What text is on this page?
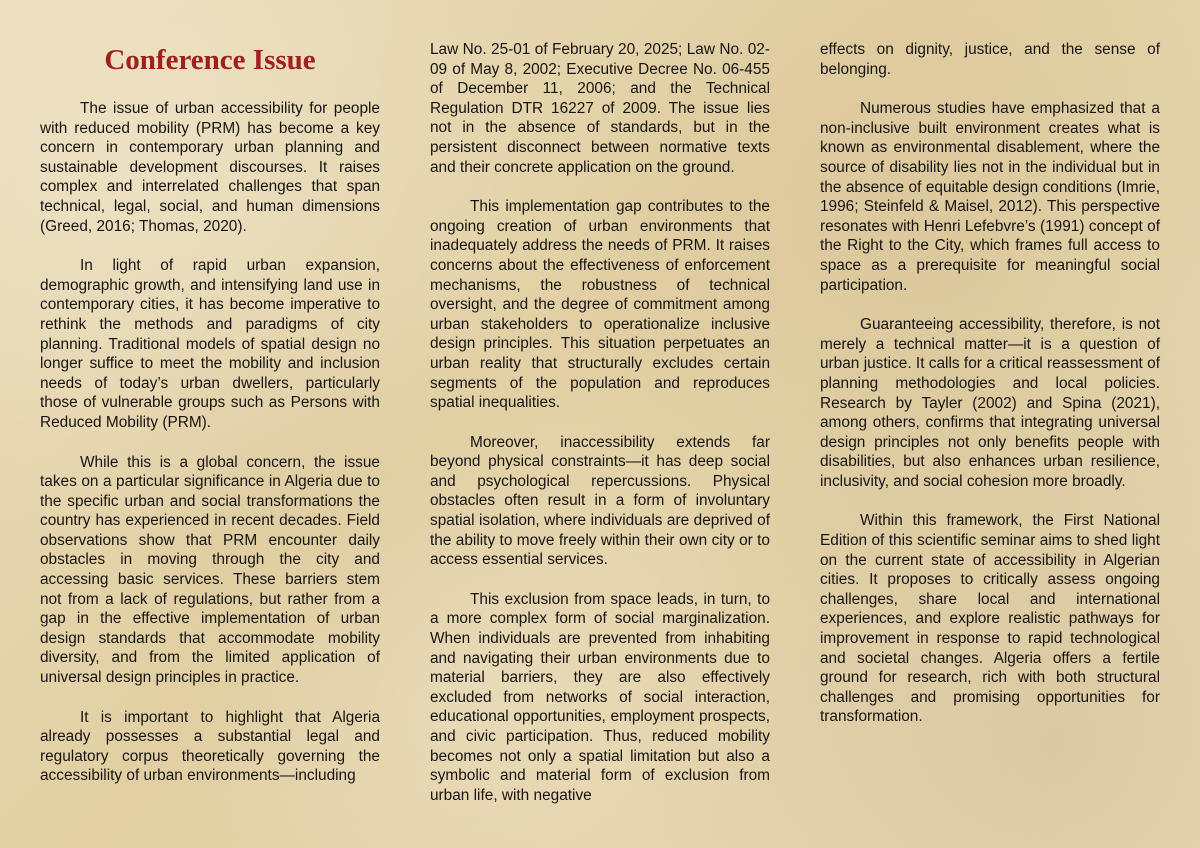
Conference Issue

The issue of urban accessibility for people with reduced mobility (PRM) has become a key concern in contemporary urban planning and sustainable development discourses. It raises complex and interrelated challenges that span technical, legal, social, and human dimensions (Greed, 2016; Thomas, 2020).

In light of rapid urban expansion, demographic growth, and intensifying land use in contemporary cities, it has become imperative to rethink the methods and paradigms of city planning. Traditional models of spatial design no longer suffice to meet the mobility and inclusion needs of today’s urban dwellers, particularly those of vulnerable groups such as Persons with Reduced Mobility (PRM).

While this is a global concern, the issue takes on a particular significance in Algeria due to the specific urban and social transformations the country has experienced in recent decades. Field observations show that PRM encounter daily obstacles in moving through the city and accessing basic services. These barriers stem not from a lack of regulations, but rather from a gap in the effective implementation of urban design standards that accommodate mobility diversity, and from the limited application of universal design principles in practice.

It is important to highlight that Algeria already possesses a substantial legal and regulatory corpus theoretically governing the accessibility of urban environments—including

Law No. 25-01 of February 20, 2025; Law No. 02-09 of May 8, 2002; Executive Decree No. 06-455 of December 11, 2006; and the Technical Regulation DTR 16227 of 2009. The issue lies not in the absence of standards, but in the persistent disconnect between normative texts and their concrete application on the ground.

This implementation gap contributes to the ongoing creation of urban environments that inadequately address the needs of PRM. It raises concerns about the effectiveness of enforcement mechanisms, the robustness of technical oversight, and the degree of commitment among urban stakeholders to operationalize inclusive design principles. This situation perpetuates an urban reality that structurally excludes certain segments of the population and reproduces spatial inequalities.

Moreover, inaccessibility extends far beyond physical constraints—it has deep social and psychological repercussions. Physical obstacles often result in a form of involuntary spatial isolation, where individuals are deprived of the ability to move freely within their own city or to access essential services.

This exclusion from space leads, in turn, to a more complex form of social marginalization. When individuals are prevented from inhabiting and navigating their urban environments due to material barriers, they are also effectively excluded from networks of social interaction, educational opportunities, employment prospects, and civic participation. Thus, reduced mobility becomes not only a spatial limitation but also a symbolic and material form of exclusion from urban life, with negative

effects on dignity, justice, and the sense of belonging.

Numerous studies have emphasized that a non-inclusive built environment creates what is known as environmental disablement, where the source of disability lies not in the individual but in the absence of equitable design conditions (Imrie, 1996; Steinfeld & Maisel, 2012). This perspective resonates with Henri Lefebvre’s (1991) concept of the Right to the City, which frames full access to space as a prerequisite for meaningful social participation.

Guaranteeing accessibility, therefore, is not merely a technical matter—it is a question of urban justice. It calls for a critical reassessment of planning methodologies and local policies. Research by Tayler (2002) and Spina (2021), among others, confirms that integrating universal design principles not only benefits people with disabilities, but also enhances urban resilience, inclusivity, and social cohesion more broadly.

Within this framework, the First National Edition of this scientific seminar aims to shed light on the current state of accessibility in Algerian cities. It proposes to critically assess ongoing challenges, share local and international experiences, and explore realistic pathways for improvement in response to rapid technological and societal changes. Algeria offers a fertile ground for research, rich with both structural challenges and promising opportunities for transformation.
